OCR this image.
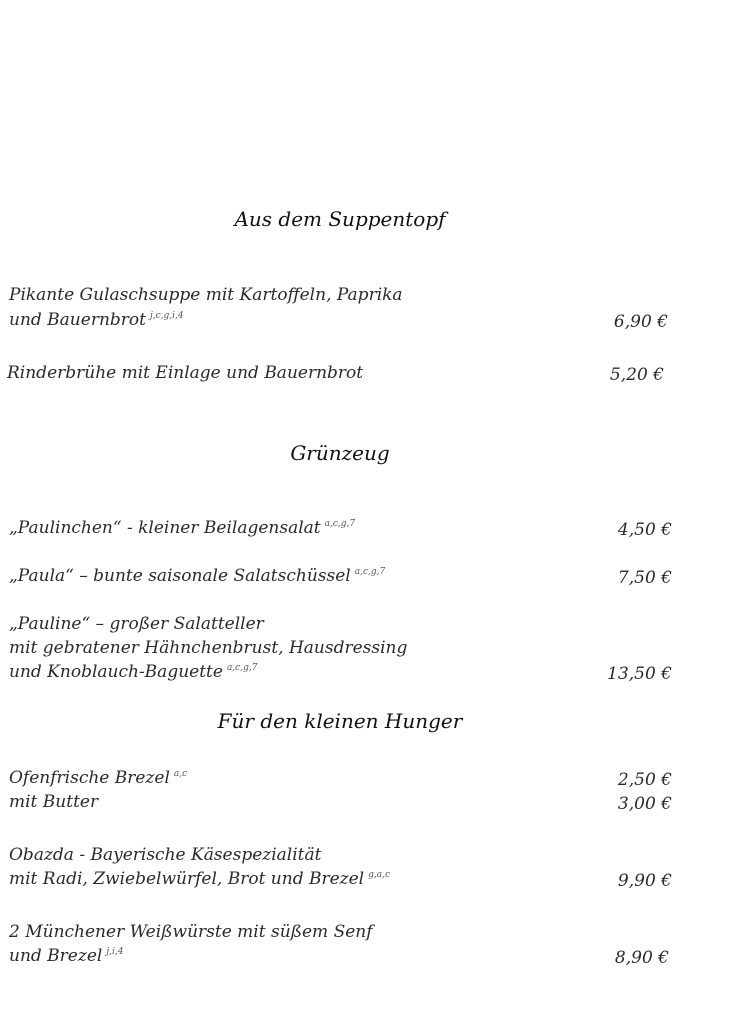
Aus dem Suppentopf
Pikante Gulaschsuppe mit Kartoffeln, Paprika
und Bauernbrot $^{j,c,g,i,4}$	6,90 €
Rinderbrühe mit Einlage und Bauernbrot	5,20 €
Grünzeug
„Paulinchen“ - kleiner Beilagensalat $^{a,c,g,7}$	4,50 €
„Paula“ – bunte saisonale Salatschüssel $^{a,c,g,7}$	7,50 €
„Pauline“ – großer Salatteller
mit gebratener Hähnchenbrust, Hausdressing
und Knoblauch-Baguette $^{a,c,g,7}$	13,50 €
Für den kleinen Hunger
Ofenfrische Brezel $^{a,c}$	2,50 €
mit Butter	3,00 €
Obazda - Bayerische Käsespezialität
mit Radi, Zwiebelwürfel, Brot und Brezel $^{g,a,c}$	9,90 €
2 Münchener Weißwürste mit süßem Senf
und Brezel $^{j,i,4}$	8,90 €
